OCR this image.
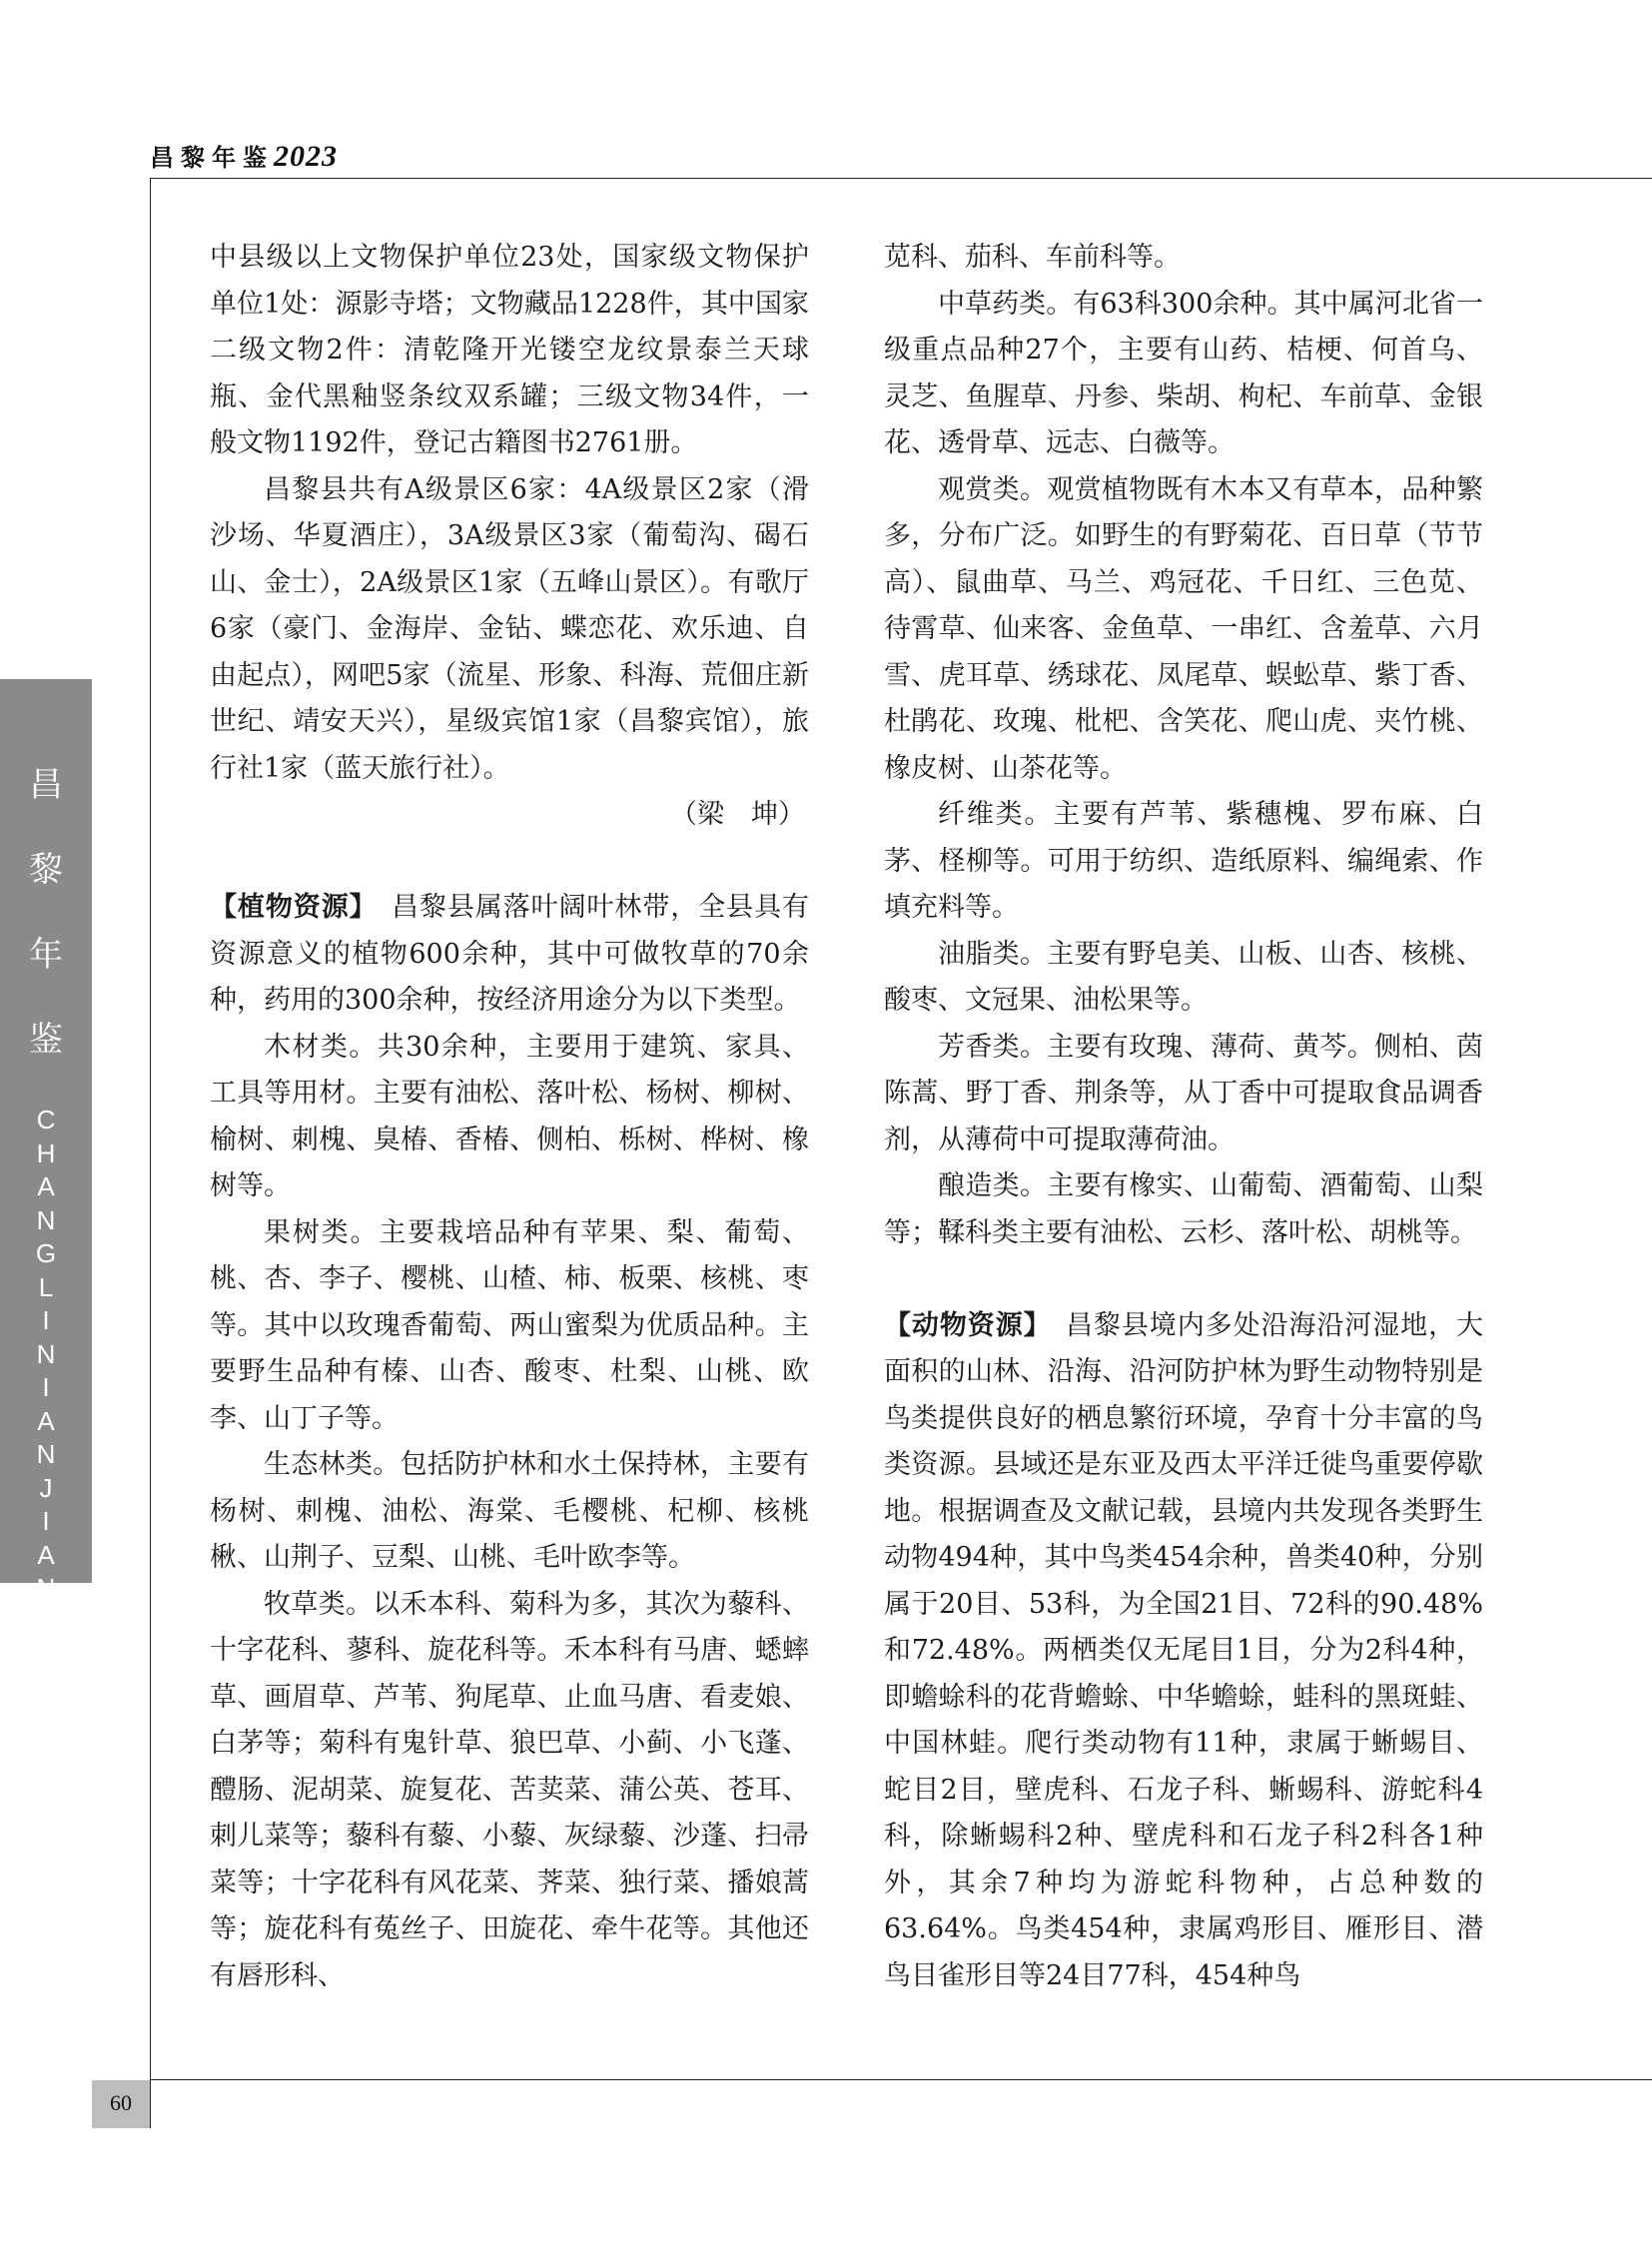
昌黎年鉴2023
昌
黎
年
鉴
C
H
A
N
G
L
I
N
I
A
N
J
I
A
N
60

中县级以上文物保护单位23处，国家级文物保护单位1处：源影寺塔；文物藏品1228件，其中国家二级文物2件：清乾隆开光镂空龙纹景泰兰天球瓶、金代黑釉竖条纹双系罐；三级文物34件，一般文物1192件，登记古籍图书2761册。

昌黎县共有A级景区6家：4A级景区2家（滑沙场、华夏酒庄），3A级景区3家（葡萄沟、碣石山、金士），2A级景区1家（五峰山景区）。有歌厅6家（豪门、金海岸、金钻、蝶恋花、欢乐迪、自由起点），网吧5家（流星、形象、科海、荒佃庄新世纪、靖安天兴），星级宾馆1家（昌黎宾馆），旅行社1家（蓝天旅行社）。

（梁　坤）

【植物资源】　昌黎县属落叶阔叶林带，全县具有资源意义的植物600余种，其中可做牧草的70余种，药用的300余种，按经济用途分为以下类型。

木材类。共30余种，主要用于建筑、家具、工具等用材。主要有油松、落叶松、杨树、柳树、榆树、刺槐、臭椿、香椿、侧柏、栎树、桦树、橡树等。

果树类。主要栽培品种有苹果、梨、葡萄、桃、杏、李子、樱桃、山楂、柿、板栗、核桃、枣等。其中以玫瑰香葡萄、两山蜜梨为优质品种。主要野生品种有榛、山杏、酸枣、杜梨、山桃、欧李、山丁子等。

生态林类。包括防护林和水土保持林，主要有杨树、刺槐、油松、海棠、毛樱桃、杞柳、核桃楸、山荆子、豆梨、山桃、毛叶欧李等。

牧草类。以禾本科、菊科为多，其次为藜科、十字花科、蓼科、旋花科等。禾本科有马唐、蟋蟀草、画眉草、芦苇、狗尾草、止血马唐、看麦娘、白茅等；菊科有鬼针草、狼巴草、小蓟、小飞蓬、醴肠、泥胡菜、旋复花、苦荬菜、蒲公英、苍耳、刺儿菜等；藜科有藜、小藜、灰绿藜、沙蓬、扫帚菜等；十字花科有风花菜、荠菜、独行菜、播娘蒿等；旋花科有菟丝子、田旋花、牵牛花等。其他还有唇形科、

苋科、茄科、车前科等。

中草药类。有63科300余种。其中属河北省一级重点品种27个，主要有山药、桔梗、何首乌、灵芝、鱼腥草、丹参、柴胡、枸杞、车前草、金银花、透骨草、远志、白薇等。

观赏类。观赏植物既有木本又有草本，品种繁多，分布广泛。如野生的有野菊花、百日草（节节高）、鼠曲草、马兰、鸡冠花、千日红、三色苋、待霄草、仙来客、金鱼草、一串红、含羞草、六月雪、虎耳草、绣球花、凤尾草、蜈蚣草、紫丁香、杜鹃花、玫瑰、枇杷、含笑花、爬山虎、夹竹桃、橡皮树、山茶花等。

纤维类。主要有芦苇、紫穗槐、罗布麻、白茅、柽柳等。可用于纺织、造纸原料、编绳索、作填充料等。

油脂类。主要有野皂美、山板、山杏、核桃、酸枣、文冠果、油松果等。

芳香类。主要有玫瑰、薄荷、黄芩。侧柏、茵陈蒿、野丁香、荆条等，从丁香中可提取食品调香剂，从薄荷中可提取薄荷油。

酿造类。主要有橡实、山葡萄、酒葡萄、山梨等；鞣科类主要有油松、云杉、落叶松、胡桃等。

【动物资源】　昌黎县境内多处沿海沿河湿地，大面积的山林、沿海、沿河防护林为野生动物特别是鸟类提供良好的栖息繁衍环境，孕育十分丰富的鸟类资源。县域还是东亚及西太平洋迁徙鸟重要停歇地。根据调查及文献记载，县境内共发现各类野生动物494种，其中鸟类454余种，兽类40种，分别属于20目、53科，为全国21目、72科的90.48%和72.48%。两栖类仅无尾目1目，分为2科4种，即蟾蜍科的花背蟾蜍、中华蟾蜍，蛙科的黑斑蛙、中国林蛙。爬行类动物有11种，隶属于蜥蜴目、蛇目2目，壁虎科、石龙子科、蜥蜴科、游蛇科4科，除蜥蜴科2种、壁虎科和石龙子科2科各1种外，其余7种均为游蛇科物种，占总种数的63.64%。鸟类454种，隶属鸡形目、雁形目、潜鸟目雀形目等24目77科，454种鸟
